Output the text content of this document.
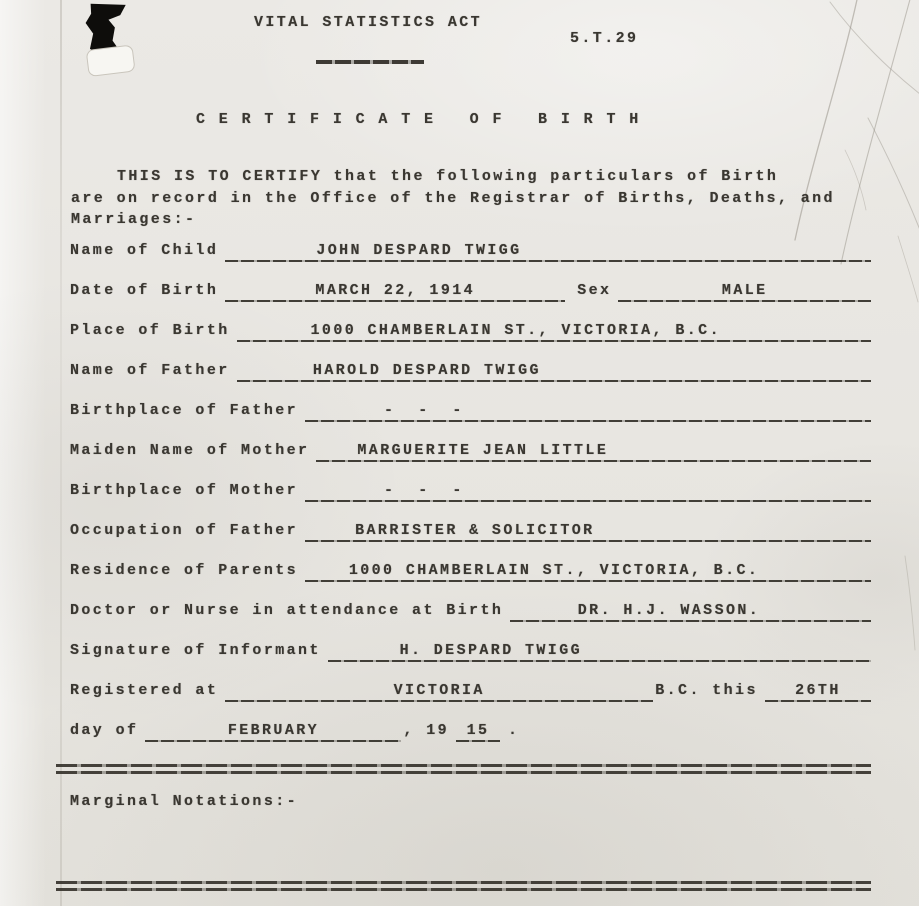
VITAL STATISTICS ACT
5.T.29
C E R T I F I C A T E   O F   B I R T H
THIS IS TO CERTIFY that the following particulars of Birth
are on record in the Office of the Registrar of Births, Deaths, and
Marriages:-
Name of Child	JOHN DESPARD TWIGG
Date of Birth	MARCH 22, 1914	Sex	MALE
Place of Birth	1000 CHAMBERLAIN ST., VICTORIA, B.C.
Name of Father	HAROLD DESPARD TWIGG
Birthplace of Father	-  -  -
Maiden Name of Mother	MARGUERITE JEAN LITTLE
Birthplace of Mother	-  -  -
Occupation of Father	BARRISTER & SOLICITOR
Residence of Parents	1000 CHAMBERLAIN ST., VICTORIA, B.C.
Doctor or Nurse in attendance at Birth	DR. H.J. WASSON.
Signature of Informant	H. DESPARD TWIGG
Registered at	VICTORIA	B.C. this 26TH
day of	FEBRUARY	, 19 15 .
Marginal Notations:-
